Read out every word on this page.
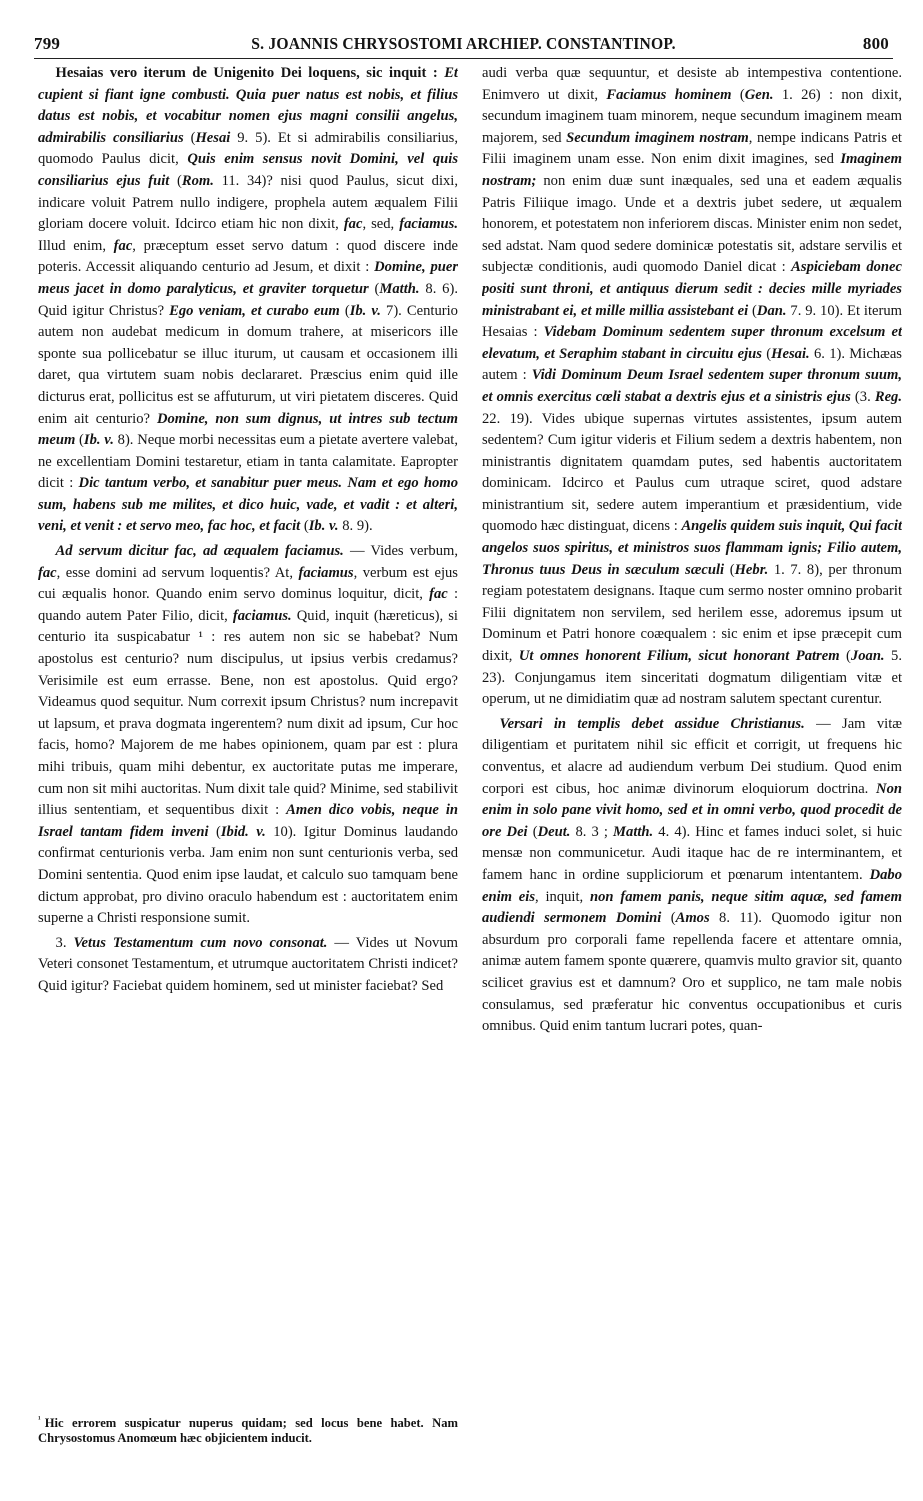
799	S. JOANNIS CHRYSOSTOMI ARCHIEP. CONSTANTINOP.	800

Hesaias vero iterum de Unigenito Dei loquens, sic inquit : Et cupient si fiant igne combusti. Quia puer natus est nobis, et filius datus est nobis, et vocabitur nomen ejus magni consilii angelus, admirabilis consiliarius (Hesai 9. 5). Et si admirabilis consiliarius, quomodo Paulus dicit, Quis enim sensus novit Domini, vel quis consiliarius ejus fuit (Rom. 11. 34)? nisi quod Paulus, sicut dixi, indicare voluit Patrem nullo indigere, prophela autem æqualem Filii gloriam docere voluit. Idcirco etiam hic non dixit, fac, sed, faciamus. Illud enim, fac, præceptum esset servo datum : quod discere inde poteris. Accessit aliquando centurio ad Jesum, et dixit : Domine, puer meus jacet in domo paralyticus, et graviter torquetur (Matth. 8. 6). Quid igitur Christus? Ego veniam, et curabo eum (Ib. v. 7). Centurio autem non audebat medicum in domum trahere, at misericors ille sponte sua pollicebatur se illuc iturum, ut causam et occasionem illi daret, qua virtutem suam nobis declararet. Præscius enim quid ille dicturus erat, pollicitus est se affuturum, ut viri pietatem disceres. Quid enim ait centurio? Domine, non sum dignus, ut intres sub tectum meum (Ib. v. 8). Neque morbi necessitas eum a pietate avertere valebat, ne excellentiam Domini testaretur, etiam in tanta calamitate. Eapropter dicit : Dic tantum verbo, et sanabitur puer meus. Nam et ego homo sum, habens sub me milites, et dico huic, vade, et vadit : et alteri, veni, et venit : et servo meo, fac hoc, et facit (Ib. v. 8. 9).

Ad servum dicitur fac, ad æqualem faciamus. — Vides verbum, fac, esse domini ad servum loquentis? At, faciamus, verbum est ejus cui æqualis honor. Quando enim servo dominus loquitur, dicit, fac : quando autem Pater Filio, dicit, faciamus. Quid, inquit (hæreticus), si centurio ita suspicabatur ¹ : res autem non sic se habebat? Num apostolus est centurio? num discipulus, ut ipsius verbis credamus? Verisimile est eum errasse. Bene, non est apostolus. Quid ergo? Videamus quod sequitur. Num correxit ipsum Christus? num increpavit ut lapsum, et prava dogmata ingerentem? num dixit ad ipsum, Cur hoc facis, homo? Majorem de me habes opinionem, quam par est : plura mihi tribuis, quam mihi debentur, ex auctoritate putas me imperare, cum non sit mihi auctoritas. Num dixit tale quid? Minime, sed stabilivit illius sententiam, et sequentibus dixit : Amen dico vobis, neque in Israel tantam fidem inveni (Ibid. v. 10). Igitur Dominus laudando confirmat centurionis verba. Jam enim non sunt centurionis verba, sed Domini sententia. Quod enim ipse laudat, et calculo suo tamquam bene dictum approbat, pro divino oraculo habendum est : auctoritatem enim superne a Christi responsione sumit.

3. Vetus Testamentum cum novo consonat. — Vides ut Novum Veteri consonet Testamentum, et utrumque auctoritatem Christi indicet? Quid igitur? Faciebat quidem hominem, sed ut minister faciebat? Sed

audi verba quæ sequuntur, et desiste ab intempestiva contentione. Enimvero ut dixit, Faciamus hominem (Gen. 1. 26) : non dixit, secundum imaginem tuam minorem, neque secundum imaginem meam majorem, sed Secundum imaginem nostram, nempe indicans Patris et Filii imaginem unam esse. Non enim dixit imagines, sed Imaginem nostram; non enim duæ sunt inæquales, sed una et eadem æqualis Patris Filiique imago. Unde et a dextris jubet sedere, ut æqualem honorem, et potestatem non inferiorem discas. Minister enim non sedet, sed adstat. Nam quod sedere dominicæ potestatis sit, adstare servilis et subjectæ conditionis, audi quomodo Daniel dicat : Aspiciebam donec positi sunt throni, et antiquus dierum sedit : decies mille myriades ministrabant ei, et mille millia assistebant ei (Dan. 7. 9. 10). Et iterum Hesaias : Videbam Dominum sedentem super thronum excelsum et elevatum, et Seraphim stabant in circuitu ejus (Hesai. 6. 1). Michæas autem : Vidi Dominum Deum Israel sedentem super thronum suum, et omnis exercitus cœli stabat a dextris ejus et a sinistris ejus (3. Reg. 22. 19). Vides ubique supernas virtutes assistentes, ipsum autem sedentem? Cum igitur videris et Filium sedem a dextris habentem, non ministrantis dignitatem quamdam putes, sed habentis auctoritatem dominicam. Idcirco et Paulus cum utraque sciret, quod adstare ministrantium sit, sedere autem imperantium et præsidentium, vide quomodo hæc distinguat, dicens : Angelis quidem suis inquit, Qui facit angelos suos spiritus, et ministros suos flammam ignis; Filio autem, Thronus tuus Deus in sæculum sæculi (Hebr. 1. 7. 8), per thronum regiam potestatem designans. Itaque cum sermo noster omnino probarit Filii dignitatem non servilem, sed herilem esse, adoremus ipsum ut Dominum et Patri honore coæqualem : sic enim et ipse præcepit cum dixit, Ut omnes honorent Filium, sicut honorant Patrem (Joan. 5. 23). Conjungamus item sinceritati dogmatum diligentiam vitæ et operum, ut ne dimidiatim quæ ad nostram salutem spectant curentur.

Versari in templis debet assidue Christianus. — Jam vitæ diligentiam et puritatem nihil sic efficit et corrigit, ut frequens hic conventus, et alacre ad audiendum verbum Dei studium. Quod enim corpori est cibus, hoc animæ divinorum eloquiorum doctrina. Non enim in solo pane vivit homo, sed et in omni verbo, quod procedit de ore Dei (Deut. 8. 3 ; Matth. 4. 4). Hinc et fames induci solet, si huic mensæ non communicetur. Audi itaque hac de re interminantem, et famem hanc in ordine suppliciorum et pœnarum intentantem. Dabo enim eis, inquit, non famem panis, neque sitim aquæ, sed famem audiendi sermonem Domini (Amos 8. 11). Quomodo igitur non absurdum pro corporali fame repellenda facere et attentare omnia, animæ autem famem sponte quærere, quamvis multo gravior sit, quanto scilicet gravius est et damnum? Oro et supplico, ne tam male nobis consulamus, sed præferatur hic conventus occupationibus et curis omnibus. Quid enim tantum lucrari potes, quan-

$^{^1}$ Hic errorem suspicatur nuperus quidam; sed locus bene habet. Nam Chrysostomus Anomœum hæc objicientem inducit.
